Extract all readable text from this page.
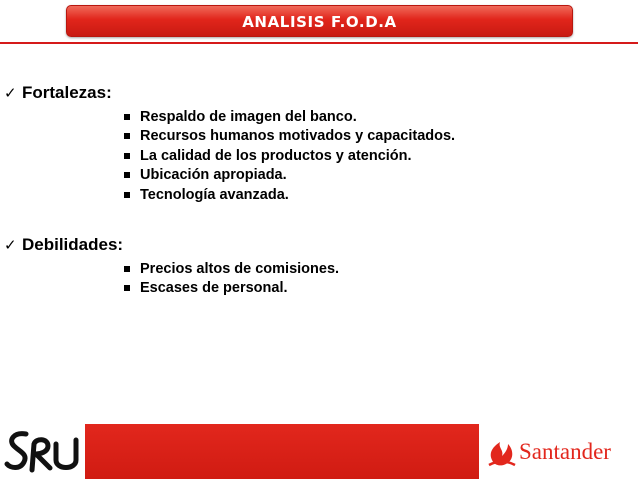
ANALISIS F.O.D.A
✓ Fortalezas:
Respaldo de imagen del banco.
Recursos humanos motivados y capacitados.
La calidad de los productos y atención.
Ubicación apropiada.
Tecnología avanzada.
✓ Debilidades:
Precios altos de comisiones.
Escases de personal.
Santander
